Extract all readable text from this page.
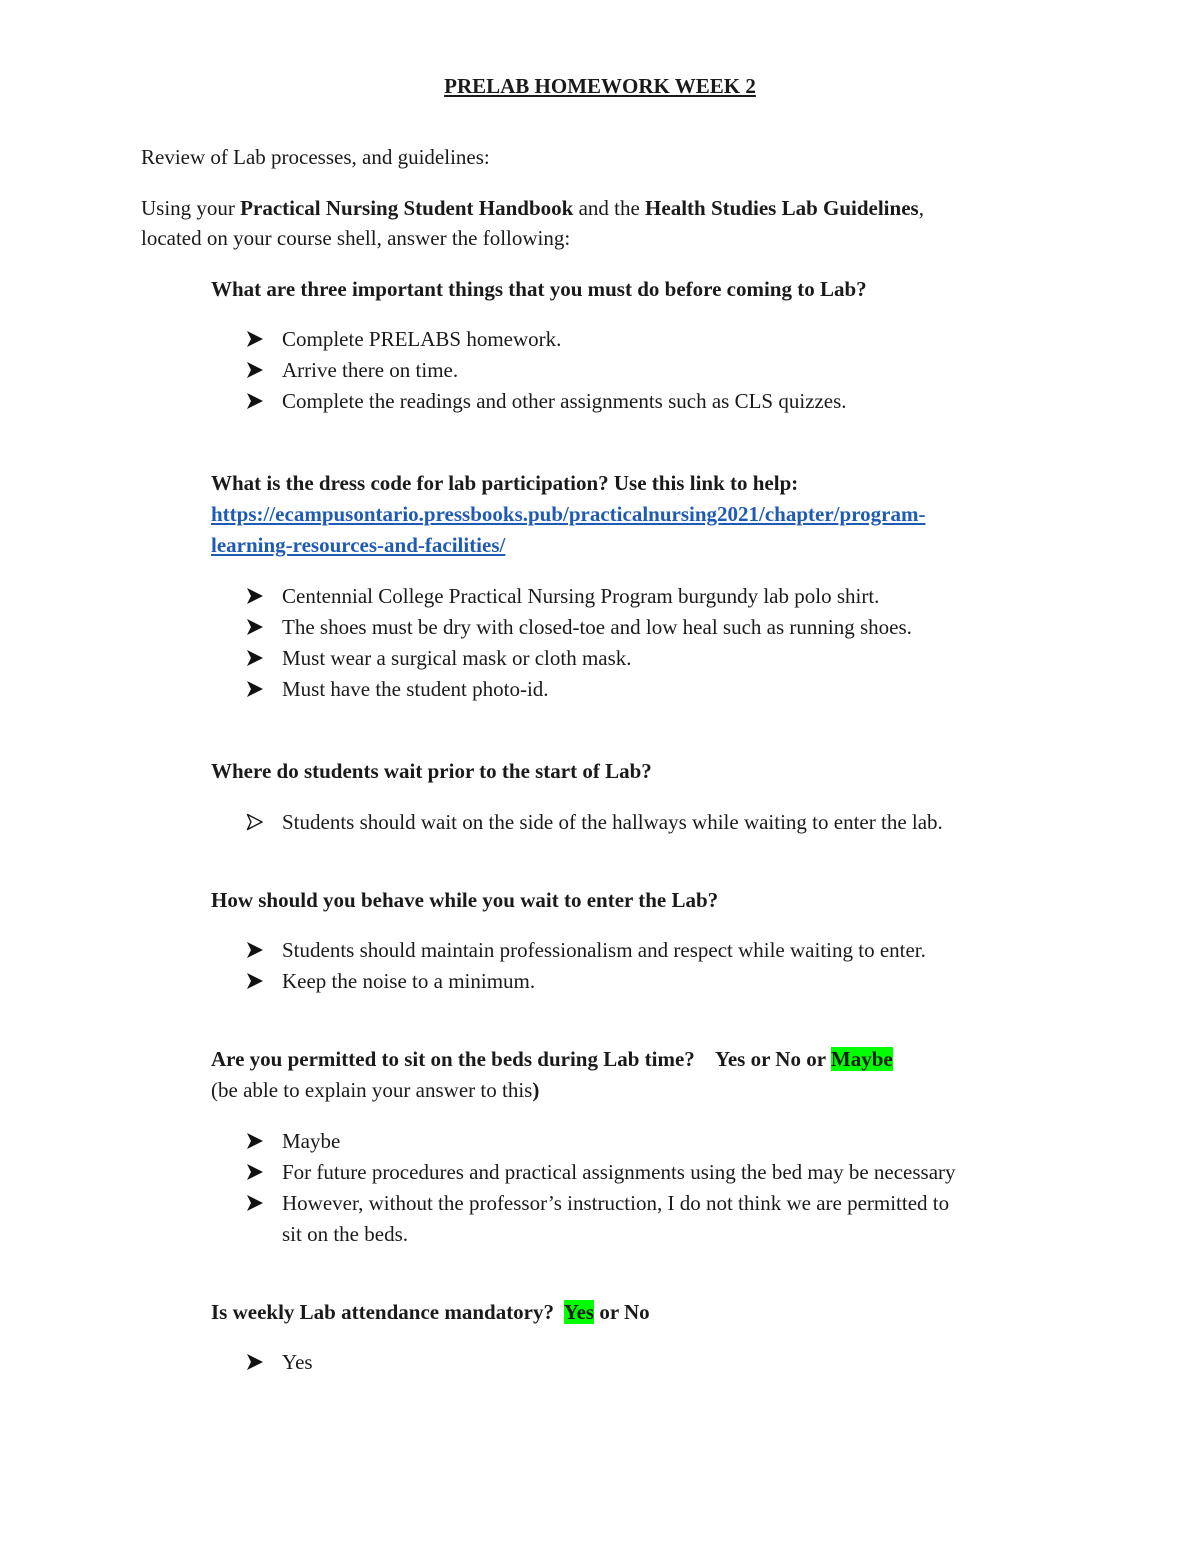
PRELAB HOMEWORK WEEK 2
Review of Lab processes, and guidelines:
Using your Practical Nursing Student Handbook and the Health Studies Lab Guidelines,
located on your course shell, answer the following:
What are three important things that you must do before coming to Lab?
Complete PRELABS homework.
Arrive there on time.
Complete the readings and other assignments such as CLS quizzes.
What is the dress code for lab participation? Use this link to help:
https://ecampusontario.pressbooks.pub/practicalnursing2021/chapter/program-
learning-resources-and-facilities/
Centennial College Practical Nursing Program burgundy lab polo shirt.
The shoes must be dry with closed-toe and low heal such as running shoes.
Must wear a surgical mask or cloth mask.
Must have the student photo-id.
Where do students wait prior to the start of Lab?
Students should wait on the side of the hallways while waiting to enter the lab.
How should you behave while you wait to enter the Lab?
Students should maintain professionalism and respect while waiting to enter.
Keep the noise to a minimum.
Are you permitted to sit on the beds during Lab time?    Yes or No or Maybe
(be able to explain your answer to this)
Maybe
For future procedures and practical assignments using the bed may be necessary
However, without the professor’s instruction, I do not think we are permitted to
sit on the beds.
Is weekly Lab attendance mandatory?  Yes or No
Yes
